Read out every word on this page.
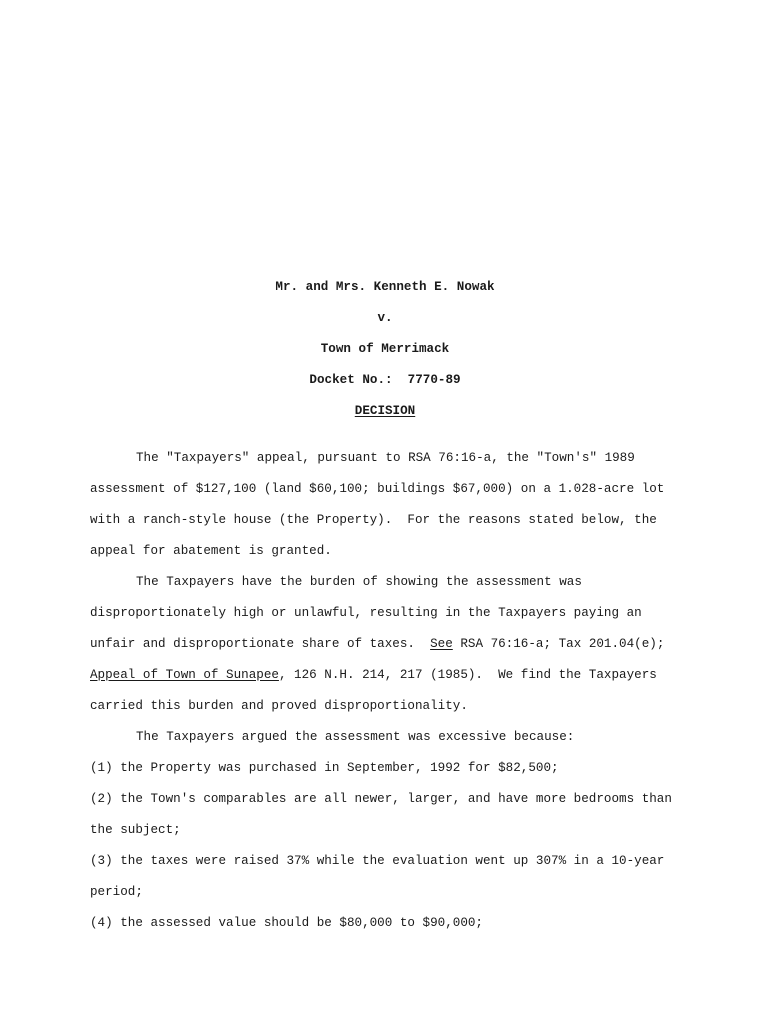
Mr. and Mrs. Kenneth E. Nowak
v.
Town of Merrimack
Docket No.:  7770-89
DECISION
The "Taxpayers" appeal, pursuant to RSA 76:16-a, the "Town's" 1989
assessment of $127,100 (land $60,100; buildings $67,000) on a 1.028-acre lot
with a ranch-style house (the Property).  For the reasons stated below, the
appeal for abatement is granted.
The Taxpayers have the burden of showing the assessment was
disproportionately high or unlawful, resulting in the Taxpayers paying an
unfair and disproportionate share of taxes.  See RSA 76:16-a; Tax 201.04(e);
Appeal of Town of Sunapee, 126 N.H. 214, 217 (1985).  We find the Taxpayers
carried this burden and proved disproportionality.
The Taxpayers argued the assessment was excessive because:
(1) the Property was purchased in September, 1992 for $82,500;
(2) the Town's comparables are all newer, larger, and have more bedrooms than
the subject;
(3) the taxes were raised 37% while the evaluation went up 307% in a 10-year
period;
(4) the assessed value should be $80,000 to $90,000;
